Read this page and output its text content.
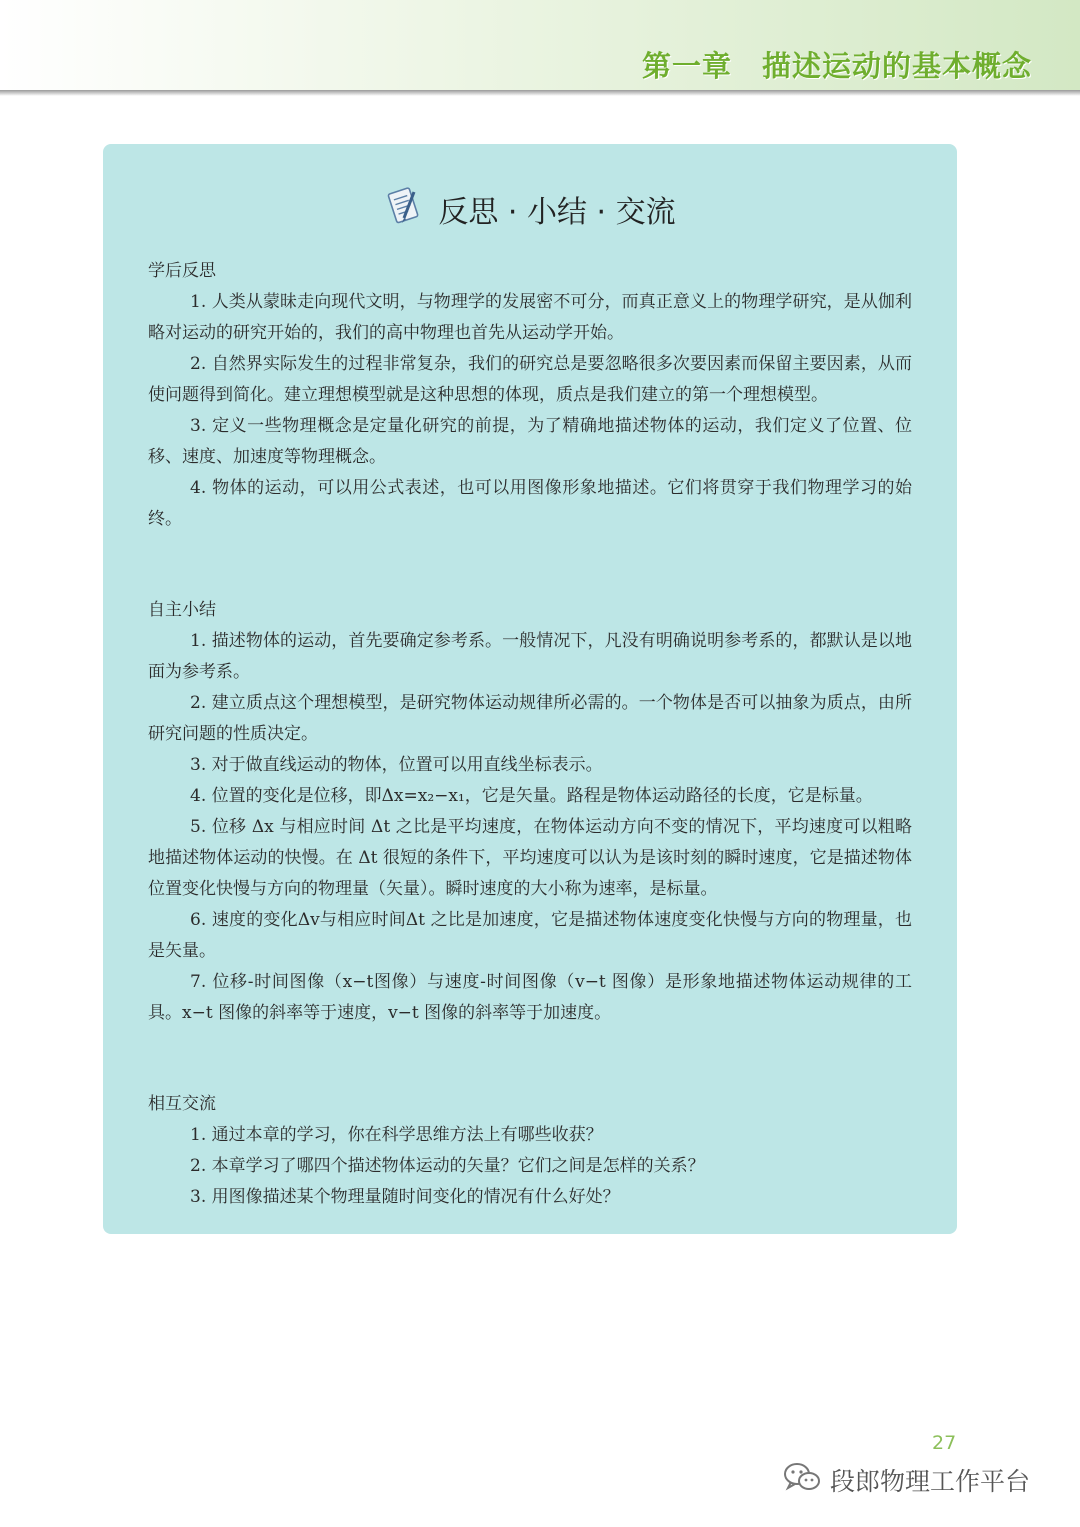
第一章 描述运动的基本概念
反思 · 小结 · 交流
学后反思

1. 人类从蒙昧走向现代文明，与物理学的发展密不可分，而真正意义上的物理学研究，是从伽利略对运动的研究开始的，我们的高中物理也首先从运动学开始。

2. 自然界实际发生的过程非常复杂，我们的研究总是要忽略很多次要因素而保留主要因素，从而使问题得到简化。建立理想模型就是这种思想的体现，质点是我们建立的第一个理想模型。

3. 定义一些物理概念是定量化研究的前提，为了精确地描述物体的运动，我们定义了位置、位移、速度、加速度等物理概念。

4. 物体的运动，可以用公式表述，也可以用图像形象地描述。它们将贯穿于我们物理学习的始终。

自主小结

1. 描述物体的运动，首先要确定参考系。一般情况下，凡没有明确说明参考系的，都默认是以地面为参考系。

2. 建立质点这个理想模型，是研究物体运动规律所必需的。一个物体是否可以抽象为质点，由所研究问题的性质决定。

3. 对于做直线运动的物体，位置可以用直线坐标表示。

4. 位置的变化是位移，即Δx=x₂−x₁，它是矢量。路程是物体运动路径的长度，它是标量。

5. 位移 Δx 与相应时间 Δt 之比是平均速度，在物体运动方向不变的情况下，平均速度可以粗略地描述物体运动的快慢。在 Δt 很短的条件下，平均速度可以认为是该时刻的瞬时速度，它是描述物体位置变化快慢与方向的物理量（矢量）。瞬时速度的大小称为速率，是标量。

6. 速度的变化Δv与相应时间Δt 之比是加速度，它是描述物体速度变化快慢与方向的物理量，也是矢量。

7. 位移-时间图像（x−t图像）与速度-时间图像（v−t 图像）是形象地描述物体运动规律的工具。x−t 图像的斜率等于速度，v−t 图像的斜率等于加速度。

相互交流

1. 通过本章的学习，你在科学思维方法上有哪些收获？

2. 本章学习了哪四个描述物体运动的矢量？它们之间是怎样的关系？

3. 用图像描述某个物理量随时间变化的情况有什么好处？

27
段郎物理工作平台
